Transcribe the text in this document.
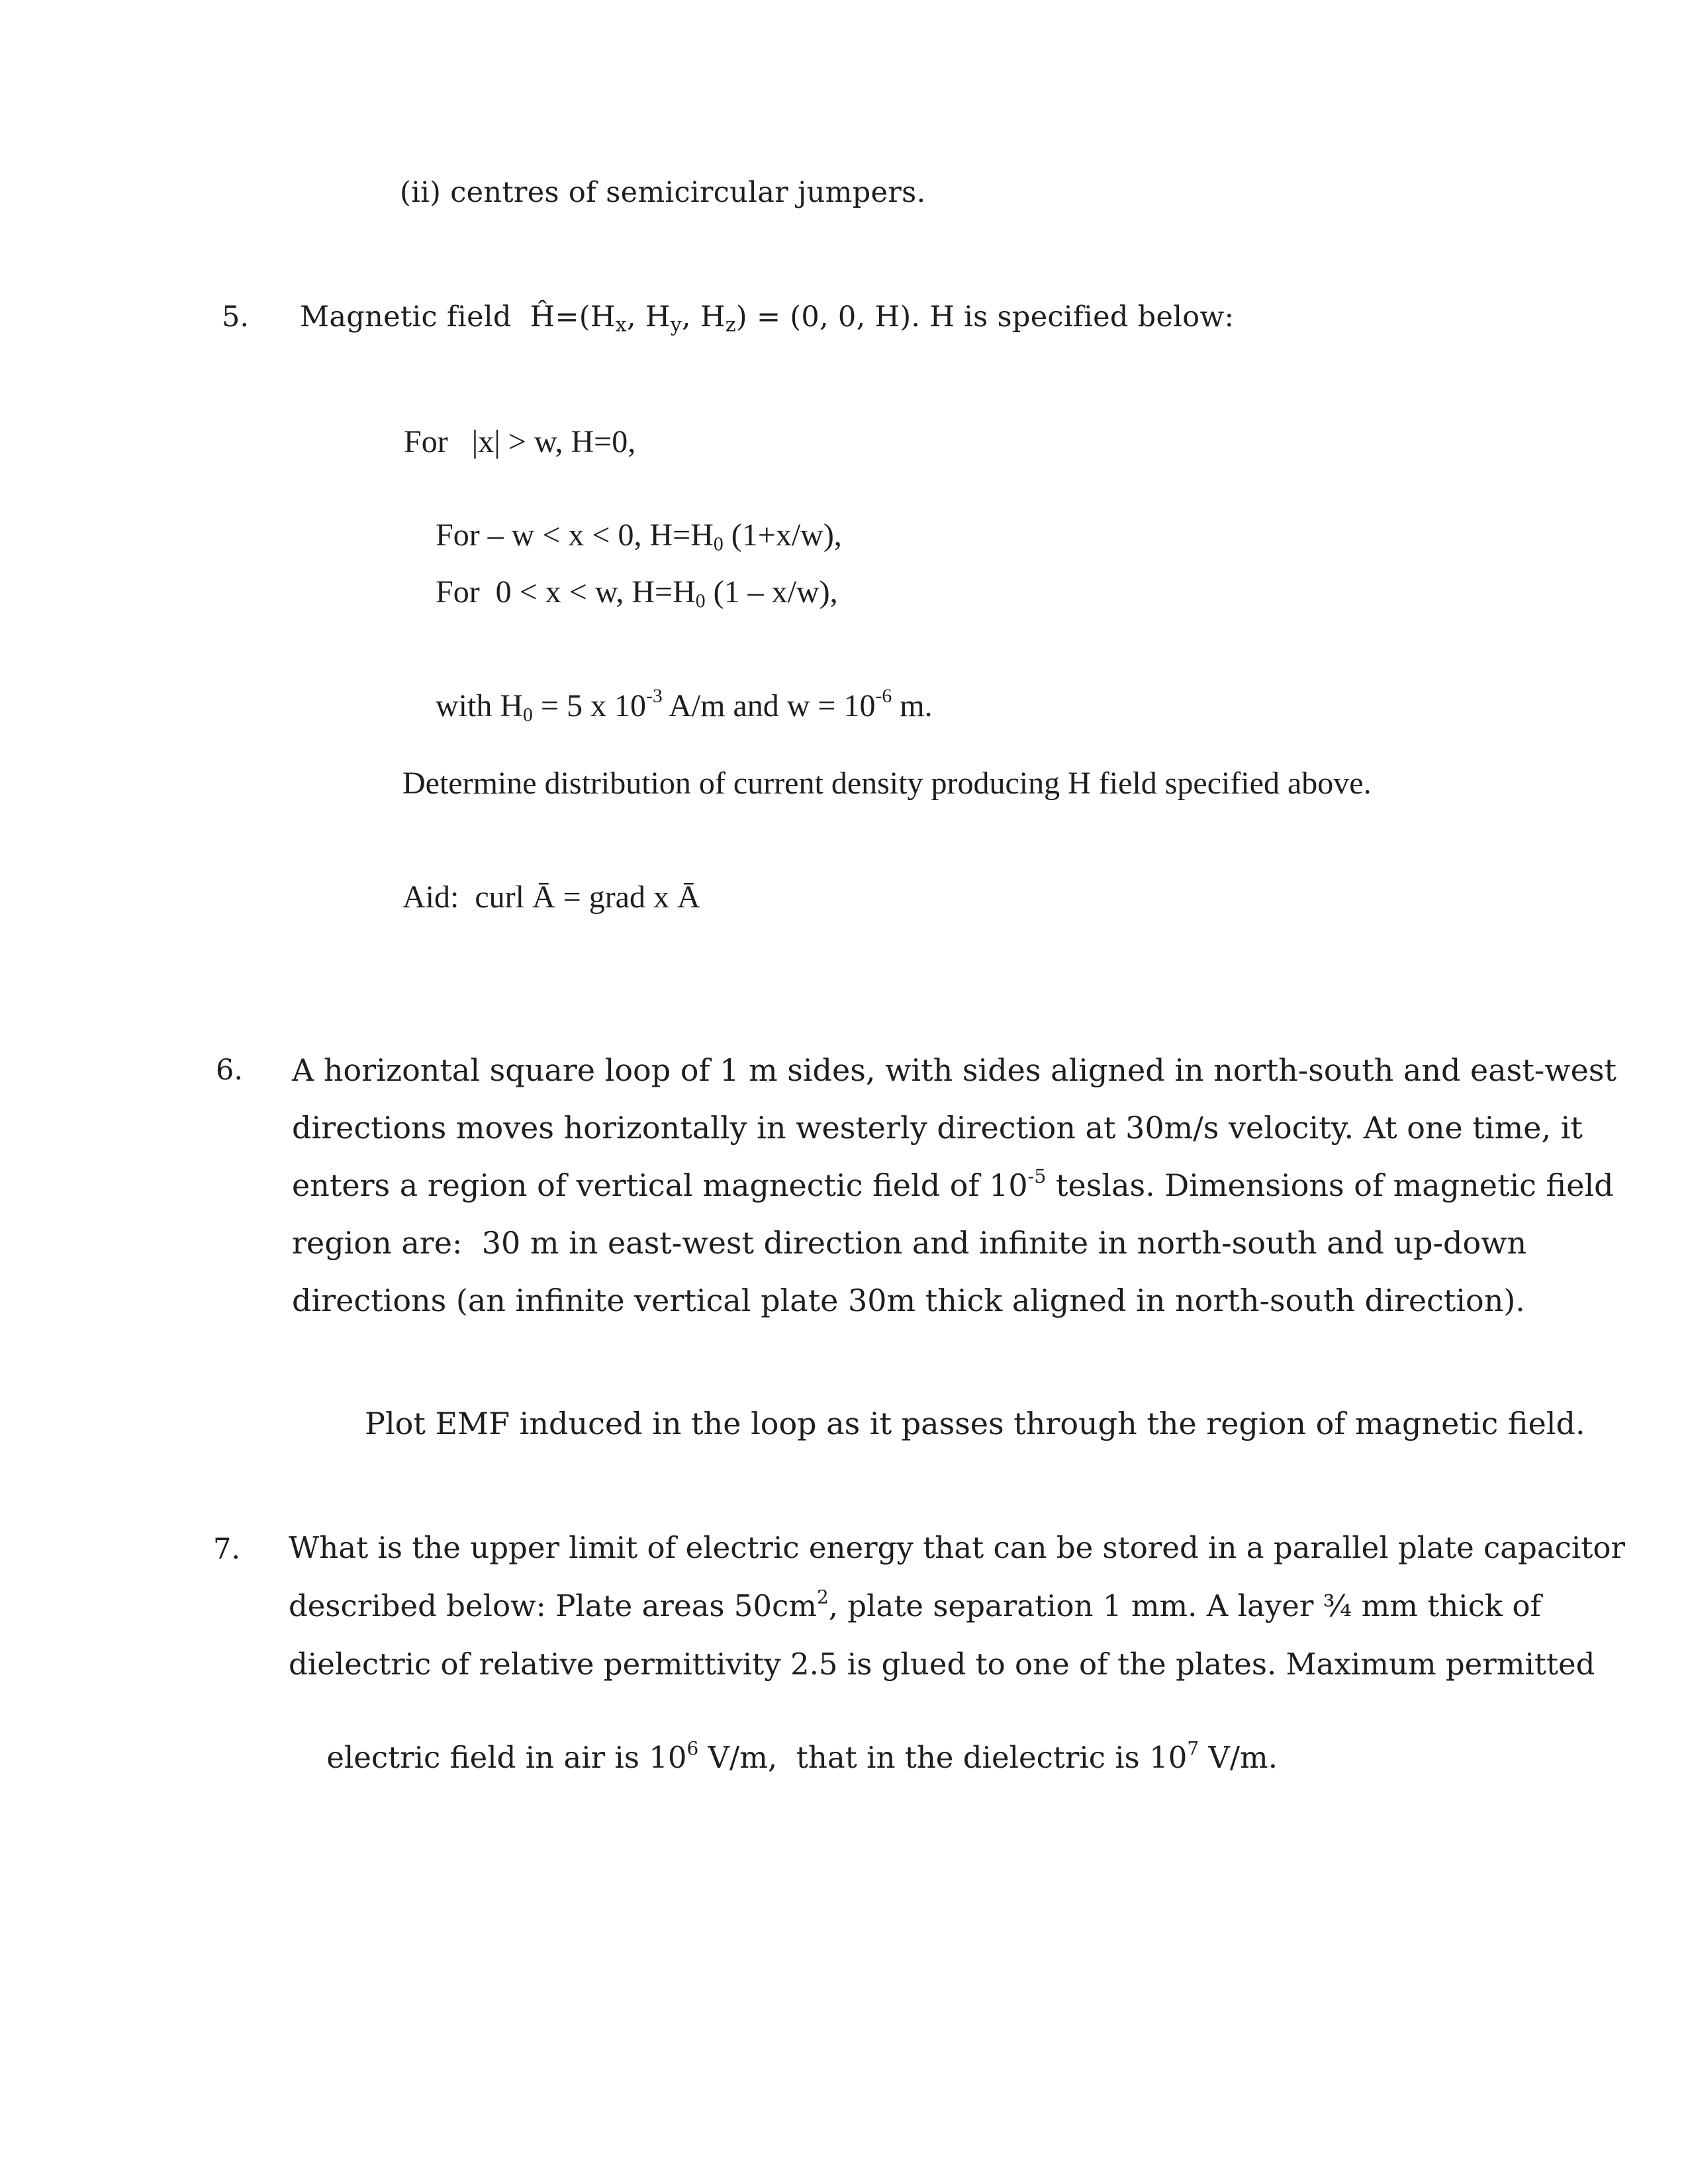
(ii) centres of semicircular jumpers.
5. Magnetic field $Ĥ=(H_x$, $H_y$, $H_z) = (0$, 0, H). H is specified below:
For   |x| > w, H=0,

For – w < x < 0, $H=H_0$ (1+x/w),

For  0 < x < w, $H=H_0$ (1 – x/w),

with $H_0 = 5$ x $10^{-3}$ A/m and $w = 10^{-6}$ m.

Determine distribution of current density producing H field specified above.
Aid:  curl Ā = grad x Ā
6. A horizontal square loop of 1 m sides, with sides aligned in north-south and east-west
directions moves horizontally in westerly direction at 30m/s velocity. At one time, it
enters a region of vertical magnectic field of $10^{-5}$ teslas. Dimensions of magnetic field
region are:  30 m in east-west direction and infinite in north-south and up-down
directions (an infinite vertical plate 30m thick aligned in north-south direction).
Plot EMF induced in the loop as it passes through the region of magnetic field.
7. What is the upper limit of electric energy that can be stored in a parallel plate capacitor
described below: Plate areas $50cm^2$, plate separation 1 mm. A layer ¾ mm thick of
dielectric of relative permittivity 2.5 is glued to one of the plates. Maximum permitted

electric field in air is $10^6$ V/m,  that in the dielectric is $10^7$ V/m.
